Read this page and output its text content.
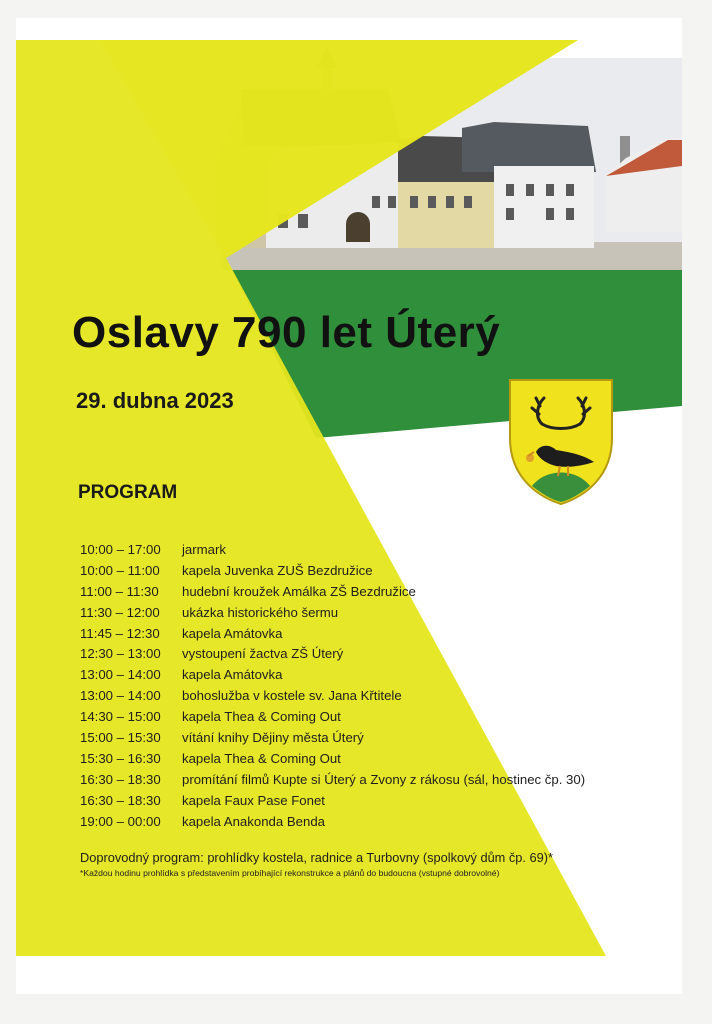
Oslavy 790 let Úterý
29. dubna 2023
PROGRAM
10:00 – 17:00	jarmark
10:00 – 11:00	kapela Juvenka ZUŠ Bezdružice
11:00 – 11:30	hudební kroužek Amálka ZŠ Bezdružice
11:30 – 12:00	ukázka historického šermu
11:45 – 12:30	kapela Amátovka
12:30 – 13:00	vystoupení žactva ZŠ Úterý
13:00 – 14:00	kapela Amátovka
13:00 – 14:00	bohoslužba v kostele sv. Jana Křtitele
14:30 – 15:00	kapela Thea & Coming Out
15:00 – 15:30	vítání knihy Dějiny města Úterý
15:30 – 16:30	kapela Thea & Coming Out
16:30 – 18:30	promítání filmů Kupte si Úterý a Zvony z rákosu (sál, hostinec čp. 30)
16:30 – 18:30	kapela Faux Pase Fonet
19:00 – 00:00	kapela Anakonda Benda
Doprovodný program: prohlídky kostela, radnice a Turbovny (spolkový dům čp. 69)*
*Každou hodinu prohlídka s představením probíhající rekonstrukce a plánů do budoucna (vstupné dobrovolné)
